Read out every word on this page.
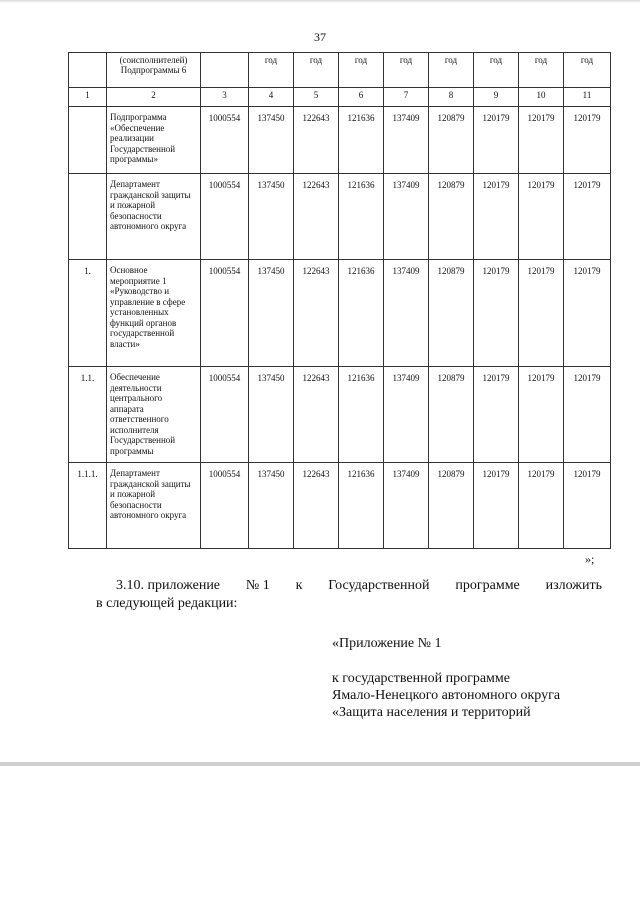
37

	(соисполнителей)
Подпрограммы 6		год	год	год	год	год	год	год	год
1	2	3	4	5	6	7	8	9	10	11
	Подпрограмма «Обеспечение реализации Государственной программы»	1000554	137450	122643	121636	137409	120879	120179	120179	120179
	Департамент гражданской защиты и пожарной безопасности автономного округа	1000554	137450	122643	121636	137409	120879	120179	120179	120179
1.	Основное мероприятие 1 «Руководство и управление в сфере установленных функций органов государственной власти»	1000554	137450	122643	121636	137409	120879	120179	120179	120179
1.1.	Обеспечение деятельности центрального аппарата ответственного исполнителя Государственной программы	1000554	137450	122643	121636	137409	120879	120179	120179	120179
1.1.1.	Департамент гражданской защиты и пожарной безопасности автономного округа	1000554	137450	122643	121636	137409	120879	120179	120179	120179
»;
3.10. приложение № 1 к Государственной программе изложить
в следующей редакции:
«Приложение № 1
к государственной программе
Ямало-Ненецкого автономного округа
«Защита населения и территорий
